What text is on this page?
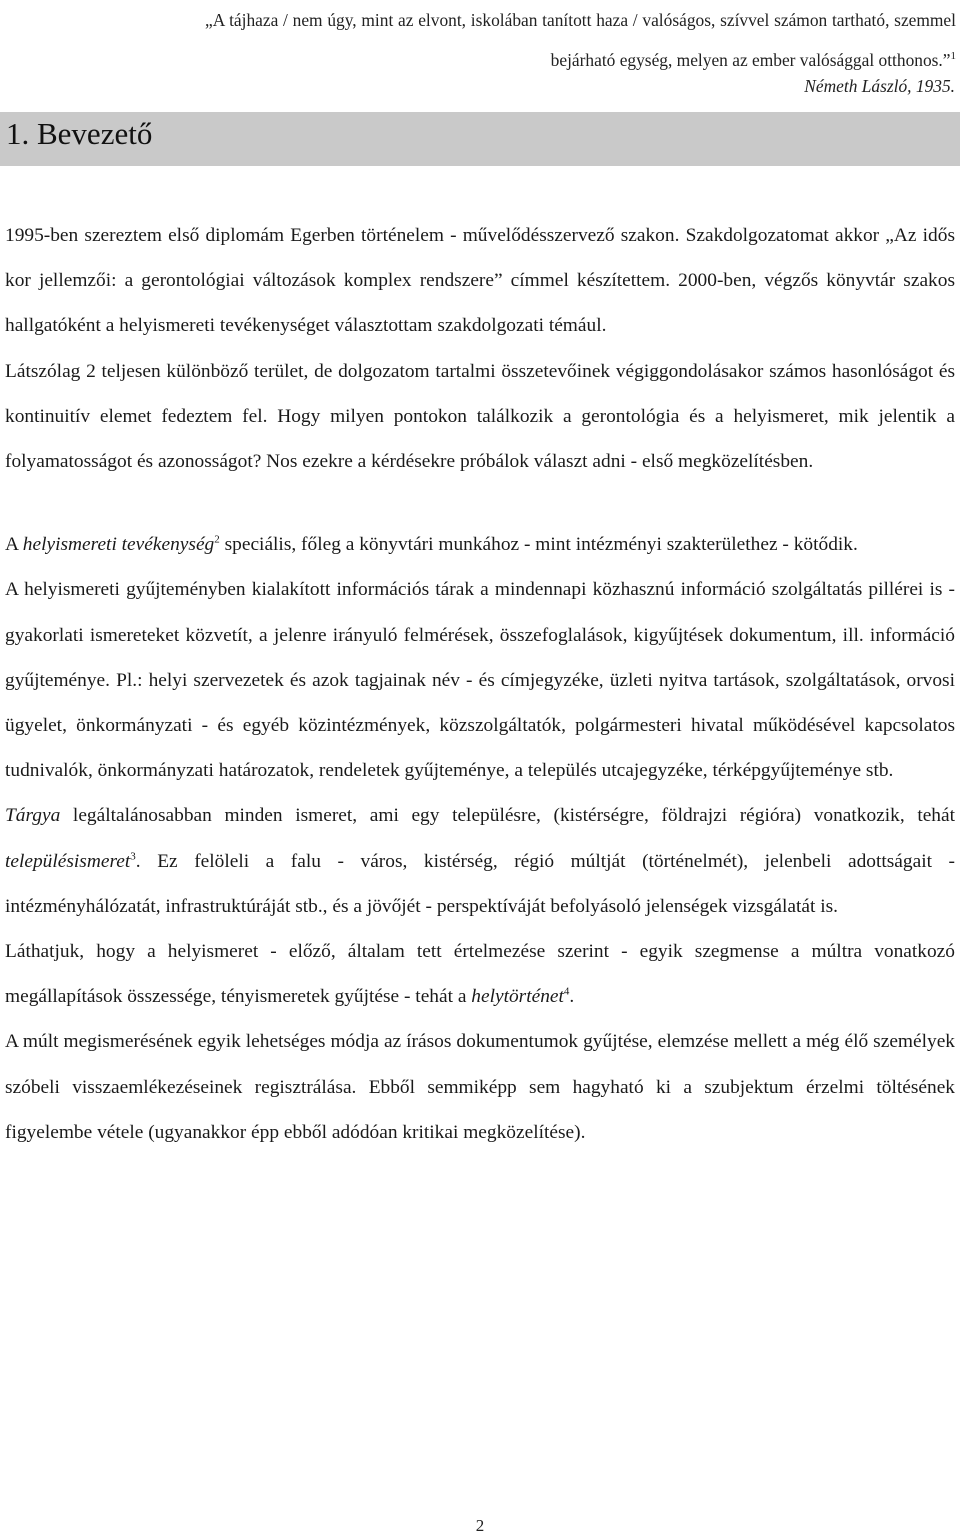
„A tájhaza / nem úgy, mint az elvont, iskolában tanított haza / valóságos, szívvel számon tartható, szemmel bejárható egység, melyen az ember valósággal otthonos.”$^1$
Németh László, 1935.
1. Bevezető

1995-ben szereztem első diplomám Egerben történelem - művelődésszervező szakon. Szakdolgozatomat akkor „Az idős kor jellemzői: a gerontológiai változások komplex rendszere” címmel készítettem. 2000-ben, végzős könyvtár szakos hallgatóként a helyismereti tevékenységet választottam szakdolgozati témául.

Látszólag 2 teljesen különböző terület, de dolgozatom tartalmi összetevőinek végiggondolásakor számos hasonlóságot és kontinuitív elemet fedeztem fel. Hogy milyen pontokon találkozik a gerontológia és a helyismeret, mik jelentik a folyamatosságot és azonosságot? Nos ezekre a kérdésekre próbálok választ adni - első megközelítésben.

A helyismereti tevékenység$^2$ speciális, főleg a könyvtári munkához - mint intézményi szakterülethez - kötődik.

A helyismereti gyűjteményben kialakított információs tárak a mindennapi közhasznú információ szolgáltatás pillérei is - gyakorlati ismereteket közvetít, a jelenre irányuló felmérések, összefoglalások, kigyűjtések dokumentum, ill. információ gyűjteménye. Pl.: helyi szervezetek és azok tagjainak név - és címjegyzéke, üzleti nyitva tartások, szolgáltatások, orvosi ügyelet, önkormányzati - és egyéb közintézmények, közszolgáltatók, polgármesteri hivatal működésével kapcsolatos tudnivalók, önkormányzati határozatok, rendeletek gyűjteménye, a település utcajegyzéke, térképgyűjteménye stb.

Tárgya legáltalánosabban minden ismeret, ami egy településre, (kistérségre, földrajzi régióra) vonatkozik, tehát településismeret$^3$. Ez felöleli a falu - város, kistérség, régió múltját (történelmét), jelenbeli adottságait - intézményhálózatát, infrastruktúráját stb., és a jövőjét - perspektíváját befolyásoló jelenségek vizsgálatát is.

Láthatjuk, hogy a helyismeret - előző, általam tett értelmezése szerint - egyik szegmense a múltra vonatkozó megállapítások összessége, tényismeretek gyűjtése - tehát a helytörténet$^4$.

A múlt megismerésének egyik lehetséges módja az írásos dokumentumok gyűjtése, elemzése mellett a még élő személyek szóbeli visszaemlékezéseinek regisztrálása. Ebből semmiképp sem hagyható ki a szubjektum érzelmi töltésének figyelembe vétele (ugyanakkor épp ebből adódóan kritikai megközelítése).

2
